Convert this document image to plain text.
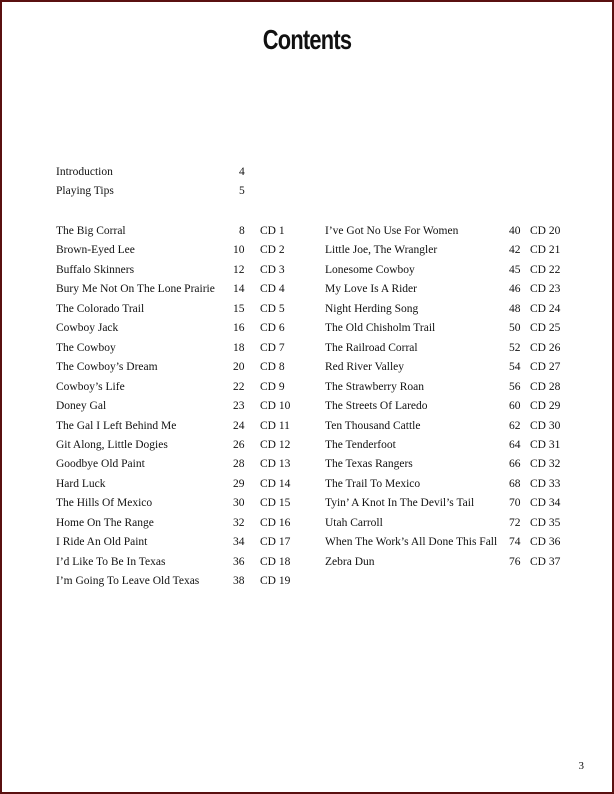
Contents
Introduction	4
Playing Tips	5
The Big Corral	8 CD 1
Brown-Eyed Lee	10 CD 2
Buffalo Skinners	12 CD 3
Bury Me Not On The Lone Prairie 14 CD 4
The Colorado Trail	15 CD 5
Cowboy Jack	16 CD 6
The Cowboy	18 CD 7
The Cowboy’s Dream	20 CD 8
Cowboy’s Life	22 CD 9
Doney Gal	23 CD 10
The Gal I Left Behind Me	24 CD 11
Git Along, Little Dogies	26 CD 12
Goodbye Old Paint	28 CD 13
Hard Luck	29 CD 14
The Hills Of Mexico	30 CD 15
Home On The Range	32 CD 16
I Ride An Old Paint	34 CD 17
I’d Like To Be In Texas	36 CD 18
I’m Going To Leave Old Texas	38 CD 19
I’ve Got No Use For Women	40 CD 20
Little Joe, The Wrangler	42 CD 21
Lonesome Cowboy	45 CD 22
My Love Is A Rider	46 CD 23
Night Herding Song	48 CD 24
The Old Chisholm Trail	50 CD 25
The Railroad Corral	52 CD 26
Red River Valley	54 CD 27
The Strawberry Roan	56 CD 28
The Streets Of Laredo	60 CD 29
Ten Thousand Cattle	62 CD 30
The Tenderfoot	64 CD 31
The Texas Rangers	66 CD 32
The Trail To Mexico	68 CD 33
Tyin’ A Knot In The Devil’s Tail	70 CD 34
Utah Carroll	72 CD 35
When The Work’s All Done This Fall 74 CD 36
Zebra Dun	76 CD 37
3
